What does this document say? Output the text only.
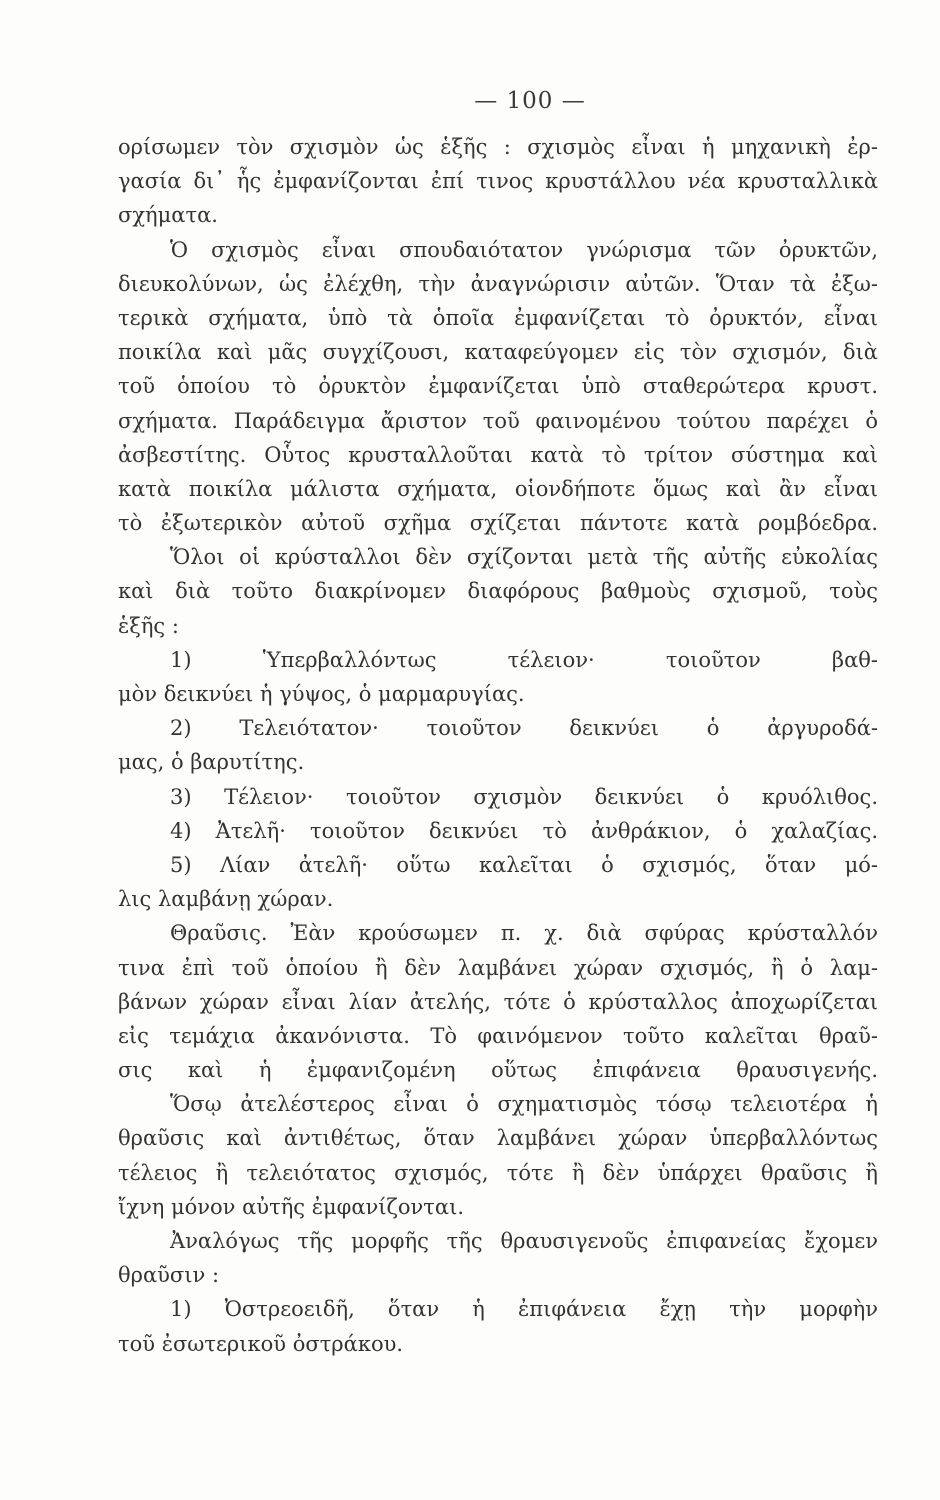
— 100 —
ορίσωμεν τὸν σχισμὸν ὡς ἑξῆς : σχισμὸς εἶναι ἡ μηχανικὴ ἐρ-
γασία δι᾿ ἧς ἐμφανίζονται ἐπί τινος κρυστάλλου νέα κρυσταλλικὰ
σχήματα.
Ὁ σχισμὸς εἶναι σπουδαιότατον γνώρισμα τῶν ὀρυκτῶν,
διευκολύνων, ὡς ἐλέχθη, τὴν ἀναγνώρισιν αὐτῶν. Ὅταν τὰ ἐξω-
τερικὰ σχήματα, ὑπὸ τὰ ὁποῖα ἐμφανίζεται τὸ ὀρυκτόν, εἶναι
ποικίλα καὶ μᾶς συγχίζουσι, καταφεύγομεν εἰς τὸν σχισμόν, διὰ
τοῦ ὁποίου τὸ ὀρυκτὸν ἐμφανίζεται ὑπὸ σταθερώτερα κρυστ.
σχήματα. Παράδειγμα ἄριστον τοῦ φαινομένου τούτου παρέχει ὁ
ἀσβεστίτης. Οὗτος κρυσταλλοῦται κατὰ τὸ τρίτον σύστημα καὶ
κατὰ ποικίλα μάλιστα σχήματα, οἱονδήποτε ὅμως καὶ ἂν εἶναι
τὸ ἐξωτερικὸν αὐτοῦ σχῆμα σχίζεται πάντοτε κατὰ ρομβόεδρα.
Ὅλοι οἱ κρύσταλλοι δὲν σχίζονται μετὰ τῆς αὐτῆς εὐκολίας
καὶ διὰ τοῦτο διακρίνομεν διαφόρους βαθμοὺς σχισμοῦ, τοὺς
ἑξῆς :
1) Ὑπερβαλλόντως τέλειον· τοιοῦτον βαθ-
μὸν δεικνύει ἡ γύψος, ὁ μαρμαρυγίας.
2) Τελειότατον· τοιοῦτον δεικνύει ὁ ἀργυροδά-
μας, ὁ βαρυτίτης.
3) Τέλειον· τοιοῦτον σχισμὸν δεικνύει ὁ κρυόλιθος.
4) Ἀτελῆ· τοιοῦτον δεικνύει τὸ ἀνθράκιον, ὁ χαλαζίας.
5) Λίαν ἀτελῆ· οὕτω καλεῖται ὁ σχισμός, ὅταν μό-
λις λαμβάνῃ χώραν.
Θραῦσις. Ἐὰν κρούσωμεν π. χ. διὰ σφύρας κρύσταλλόν
τινα ἐπὶ τοῦ ὁποίου ἢ δὲν λαμβάνει χώραν σχισμός, ἢ ὁ λαμ-
βάνων χώραν εἶναι λίαν ἀτελής, τότε ὁ κρύσταλλος ἀποχωρίζεται
εἰς τεμάχια ἀκανόνιστα. Τὸ φαινόμενον τοῦτο καλεῖται θραῦ-
σις καὶ ἡ ἐμφανιζομένη οὕτως ἐπιφάνεια θραυσιγενής.
Ὅσῳ ἀτελέστερος εἶναι ὁ σχηματισμὸς τόσῳ τελειοτέρα ἡ
θραῦσις καὶ ἀντιθέτως, ὅταν λαμβάνει χώραν ὑπερβαλλόντως
τέλειος ἢ τελειότατος σχισμός, τότε ἢ δὲν ὑπάρχει θραῦσις ἢ
ἴχνη μόνον αὐτῆς ἐμφανίζονται.
Ἀναλόγως τῆς μορφῆς τῆς θραυσιγενοῦς ἐπιφανείας ἔχομεν
θραῦσιν :
1) Ὀστρεοειδῆ, ὅταν ἡ ἐπιφάνεια ἔχῃ τὴν μορφὴν
τοῦ ἐσωτερικοῦ ὀστράκου.
